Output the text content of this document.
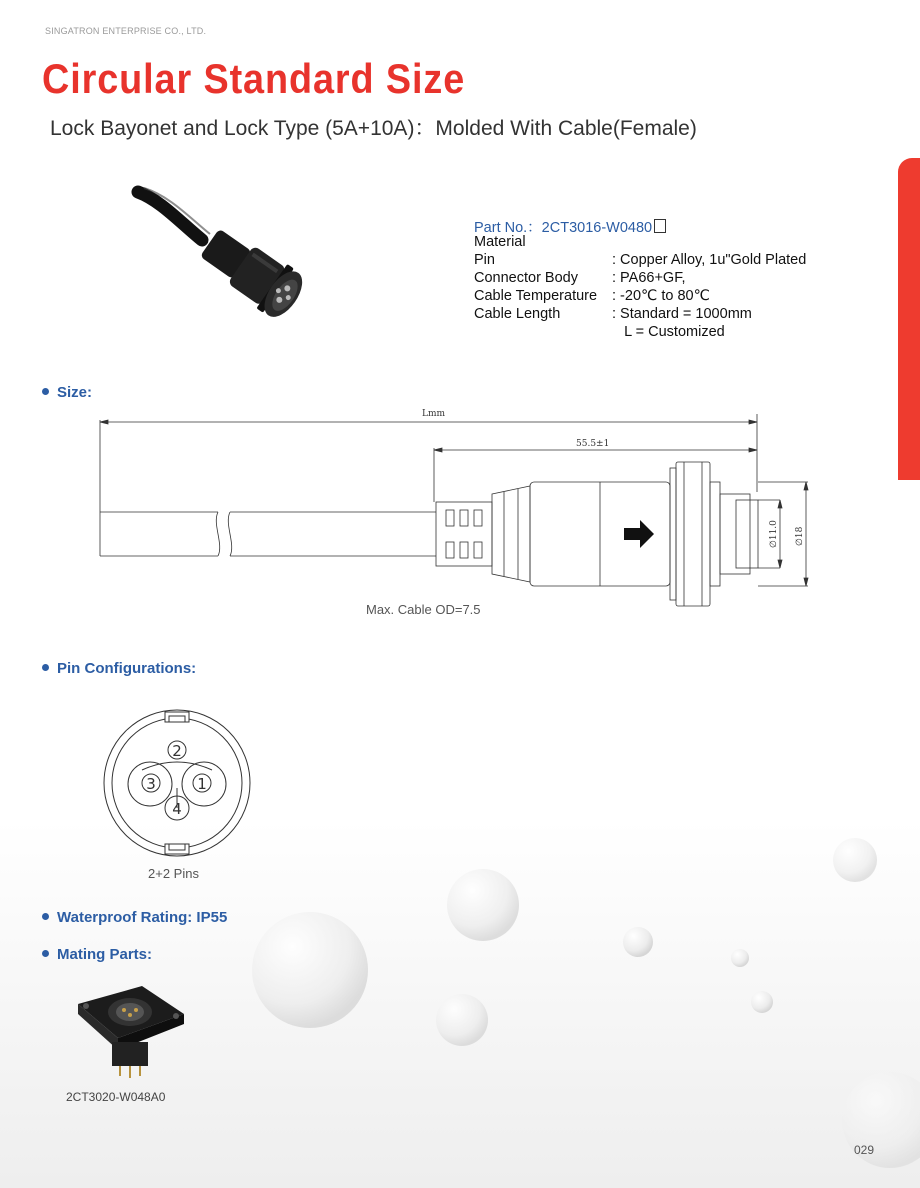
SINGATRON ENTERPRISE CO., LTD.
Circular Standard Size
Lock Bayonet and Lock Type (5A+10A)：Molded With Cable(Female)
Part No.：2CT3016-W0480
Material
Pin	: Copper Alloy, 1u"Gold Plated
Connector Body : PA66+GF,
Cable Temperature : -20℃ to 80℃
Cable Length	: Standard = 1000mm
L = Customized
Size:
Lmm
55.5±1
∅11.0 ∅18
Max. Cable OD=7.5
Pin Configurations:
2
3	1
4
2+2 Pins
Waterproof Rating: IP55
Mating Parts:
2CT3020-W048A0
029
